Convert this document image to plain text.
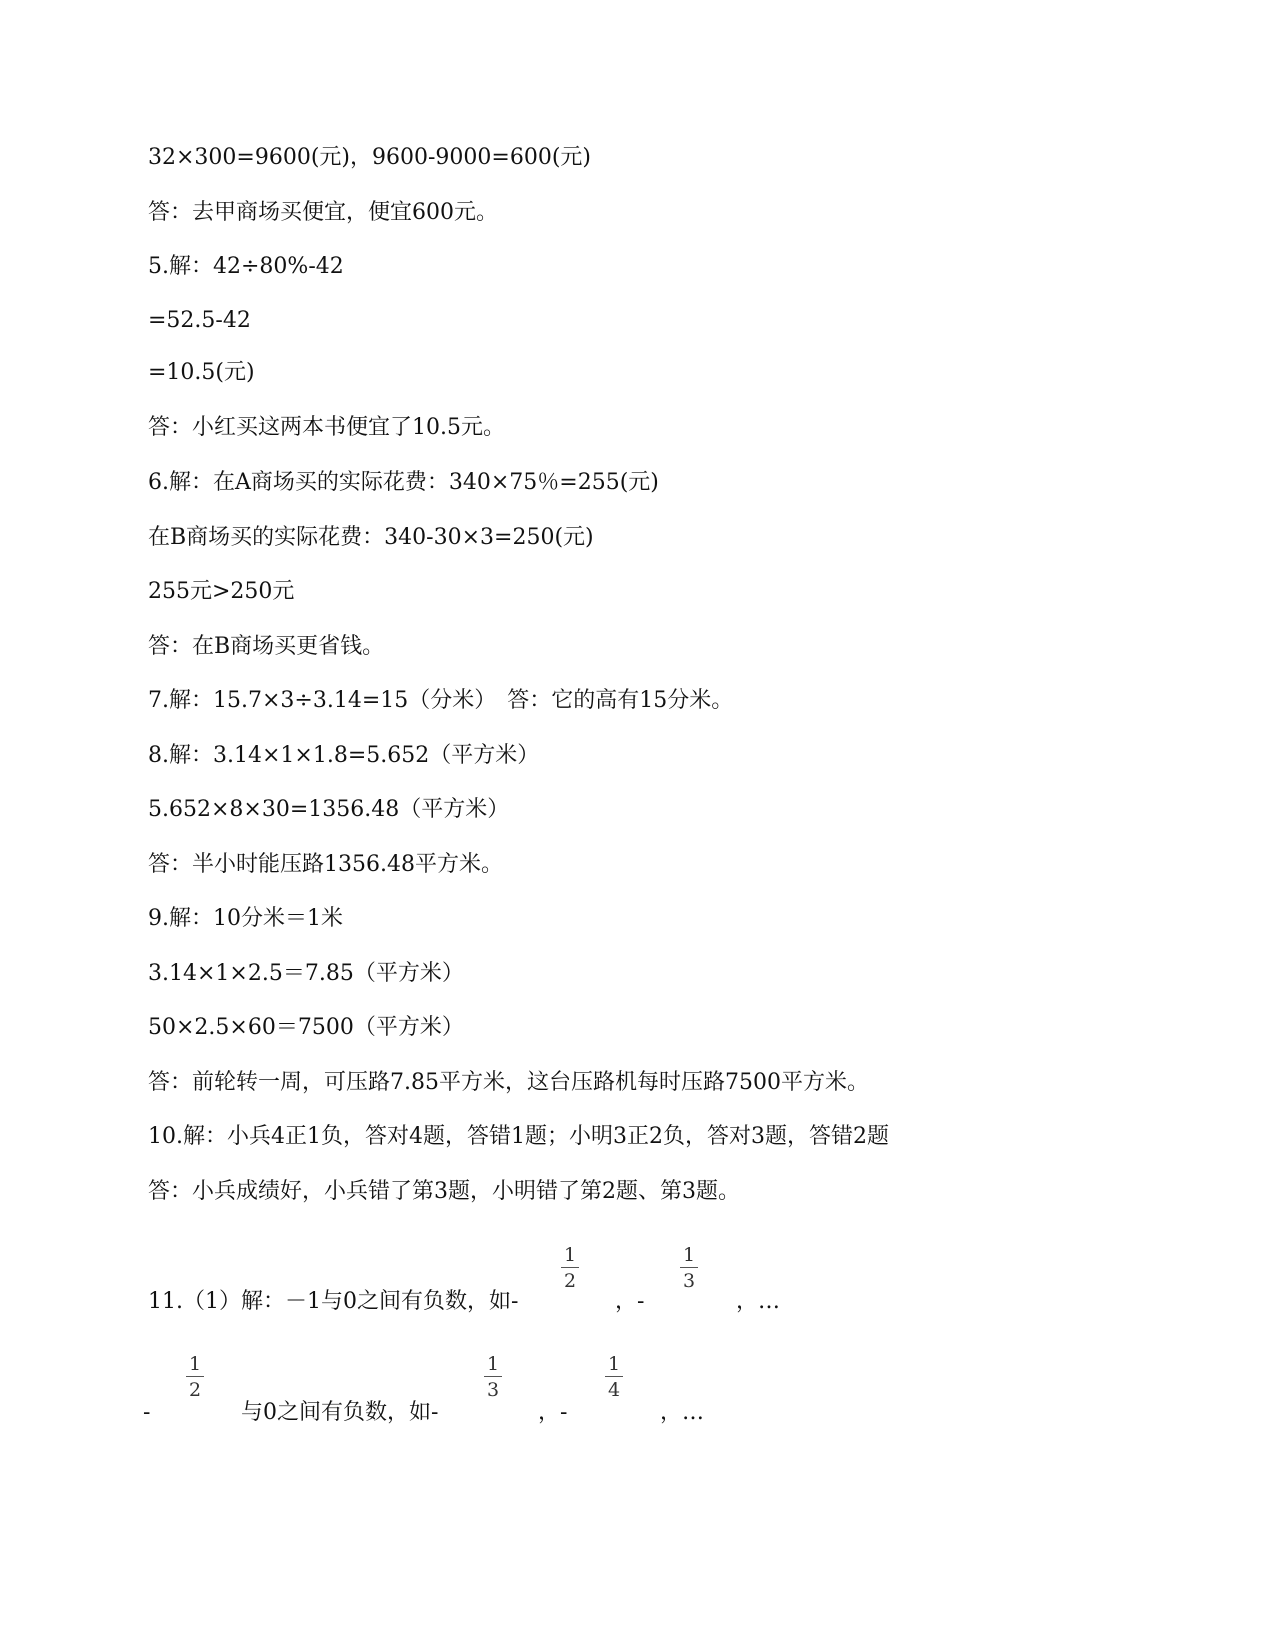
32×300=9600(元)，9600-9000=600(元)
答：去甲商场买便宜，便宜600元。
5.解：42÷80%-42
=52.5-42
=10.5(元)
答：小红买这两本书便宜了10.5元。
6.解：在A商场买的实际花费：340×75％=255(元)
在B商场买的实际花费：340-30×3=250(元)
255元>250元
答：在B商场买更省钱。
7.解：15.7×3÷3.14=15（分米）　答：它的高有15分米。
8.解：3.14×1×1.8=5.652（平方米）
5.652×8×30=1356.48（平方米）
答：半小时能压路1356.48平方米。
9.解：10分米＝1米
3.14×1×2.5＝7.85（平方米）
50×2.5×60＝7500（平方米）
答：前轮转一周，可压路7.85平方米，这台压路机每时压路7500平方米。
10.解：小兵4正1负，答对4题，答错1题；小明3正2负，答对3题，答错2题
答：小兵成绩好，小兵错了第3题，小明错了第2题、第3题。
11.（1）解：－1与0之间有负数，如-
1
2
，-
1
3
，…
-
1
2
与0之间有负数，如-
1
3
，-
1
4
，…
